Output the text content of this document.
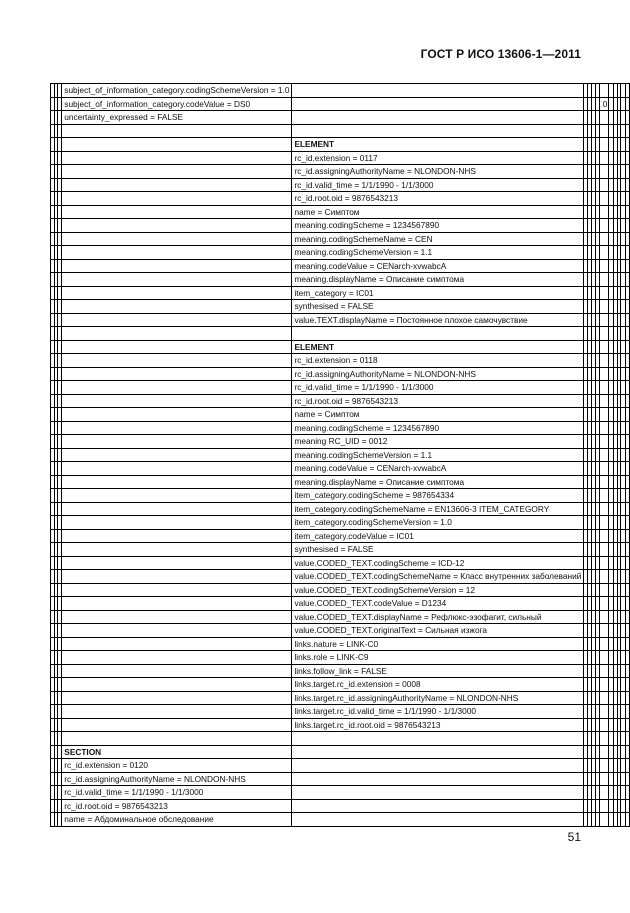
ГОСТ Р ИСО 13606-1—2011
			subject_of_information_category.codingSchemeVersion = 1.0											
			subject_of_information_category.codeValue = DS0						0					
			uncertainty_expressed = FALSE											

				ELEMENT										
				rc_id.extension = 0117										
				rc_id.assigningAuthorityName = NLONDON-NHS										
				rc_id.valid_time = 1/1/1990 - 1/1/3000										
				rc_id.root.oid = 9876543213										
				name = Симптом										
				meaning.codingScheme = 1234567890										
				meaning.codingSchemeName = CEN										
				meaning.codingSchemeVersion = 1.1										
				meaning.codeValue = CENarch-xvwabcA										
				meaning.displayName = Описание симптома										
				item_category = IC01										
				synthesised = FALSE										
				value.TEXT.displayName = Постоянное плохое самочувствие										

				ELEMENT										
				rc_id.extension = 0118										
				rc_id.assigningAuthorityName = NLONDON-NHS										
				rc_id.valid_time = 1/1/1990 - 1/1/3000										
				rc_id.root.oid = 9876543213										
				name = Симптом										
				meaning.codingScheme = 1234567890										
				meaning RC_UID = 0012										
				meaning.codingSchemeVersion = 1.1										
				meaning.codeValue = CENarch-xvwabcA										
				meaning.displayName = Описание симптома										
				item_category.codingScheme = 987654334										
				item_category.codingSchemeName = EN13606-3 ITEM_CATEGORY										
				item_category.codingSchemeVersion = 1.0										
				item_category.codeValue = IC01										
				synthesised = FALSE										
				value.CODED_TEXT.codingScheme = ICD-12										
				value.CODED_TEXT.codingSchemeName = Класс внутренних заболеваний										
				value.CODED_TEXT.codingSchemeVersion = 12										
				value.CODED_TEXT.codeValue = D1234										
				value.CODED_TEXT.displayName = Рефлюкс-эзофагит, сильный										
				value.CODED_TEXT.originalText = Сильная изжога										
				links.nature = LINK-C0										
				links.role = LINK-C9										
				links.follow_link = FALSE										
				links.target.rc_id.extension = 0008										
				links.target.rc_id.assigningAuthorityName = NLONDON-NHS										
				links.target.rc_id.valid_time = 1/1/1990 - 1/1/3000										
				links.target.rc_id.root.oid = 9876543213										

			SECTION											
			rc_id.extension = 0120											
			rc_id.assigningAuthorityName = NLONDON-NHS											
			rc_id.valid_time = 1/1/1990 - 1/1/3000											
			rc_id.root.oid = 9876543213											
			name = Абдоминальное обследование											
51
